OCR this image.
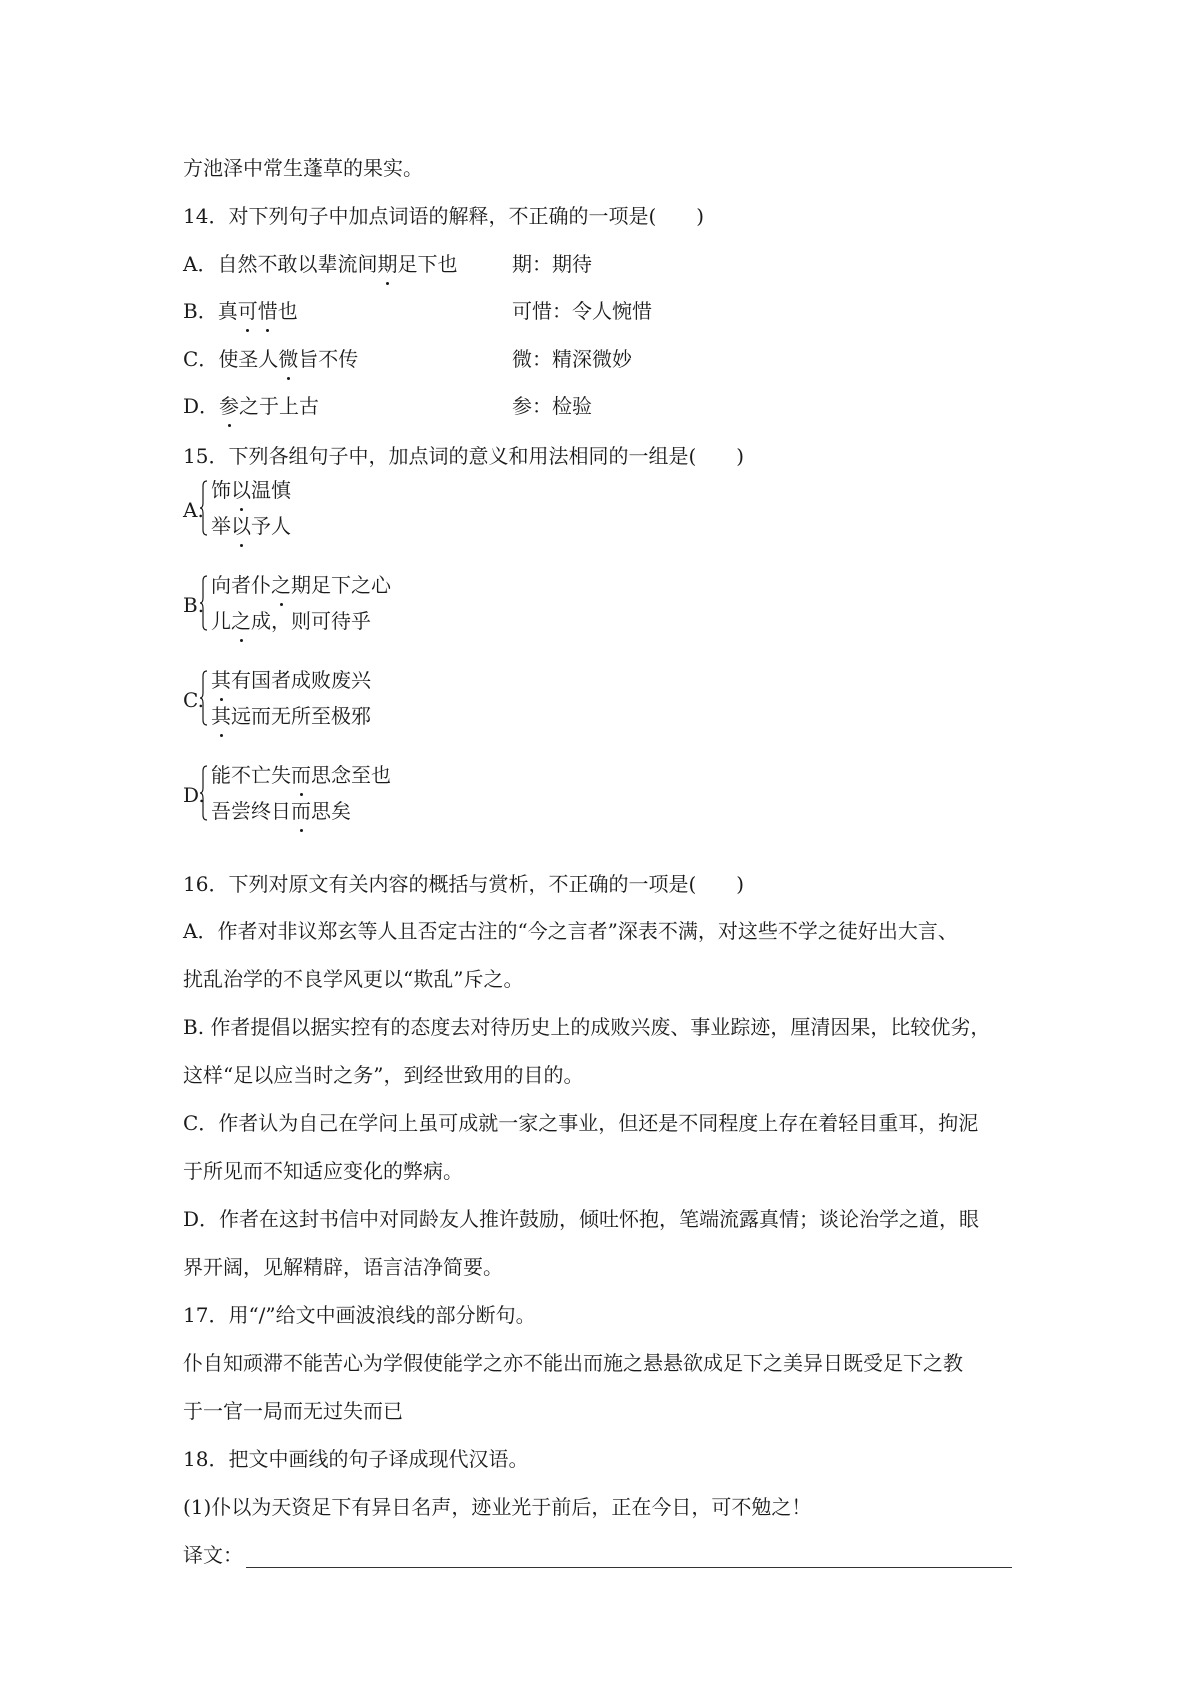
方池泽中常生蓬草的果实。
14．对下列句子中加点词语的解释，不正确的一项是(　　)
A．自然不敢以辈流间期足下也	期：期待
B．真可惜也	可惜：令人惋惜
C．使圣人微旨不传	微：精深微妙
D．参之于上古	参：检验
15．下列各组句子中，加点词的意义和用法相同的一组是(　　)
A.
饰以温慎
举以予人
B.
向者仆之期足下之心
儿之成，则可待乎
C.
其有国者成败废兴
其远而无所至极邪
D.
能不亡失而思念至也
吾尝终日而思矣
16．下列对原文有关内容的概括与赏析，不正确的一项是(　　)
A．作者对非议郑玄等人且否定古注的“今之言者”深表不满，对这些不学之徒好出大言、
扰乱治学的不良学风更以“欺乱”斥之。
B. 作者提倡以据实控有的态度去对待历史上的成败兴废、事业踪迹，厘清因果，比较优劣，
这样“足以应当时之务”，到经世致用的目的。
C．作者认为自己在学问上虽可成就一家之事业，但还是不同程度上存在着轻目重耳，拘泥
于所见而不知适应变化的弊病。
D．作者在这封书信中对同龄友人推许鼓励，倾吐怀抱，笔端流露真情；谈论治学之道，眼
界开阔，见解精辟，语言洁净简要。
17．用“/”给文中画波浪线的部分断句。
仆自知顽滞不能苦心为学假使能学之亦不能出而施之悬悬欲成足下之美异日既受足下之教
于一官一局而无过失而已
18．把文中画线的句子译成现代汉语。
(1)仆以为天资足下有异日名声，迹业光于前后，正在今日，可不勉之！
译文：
